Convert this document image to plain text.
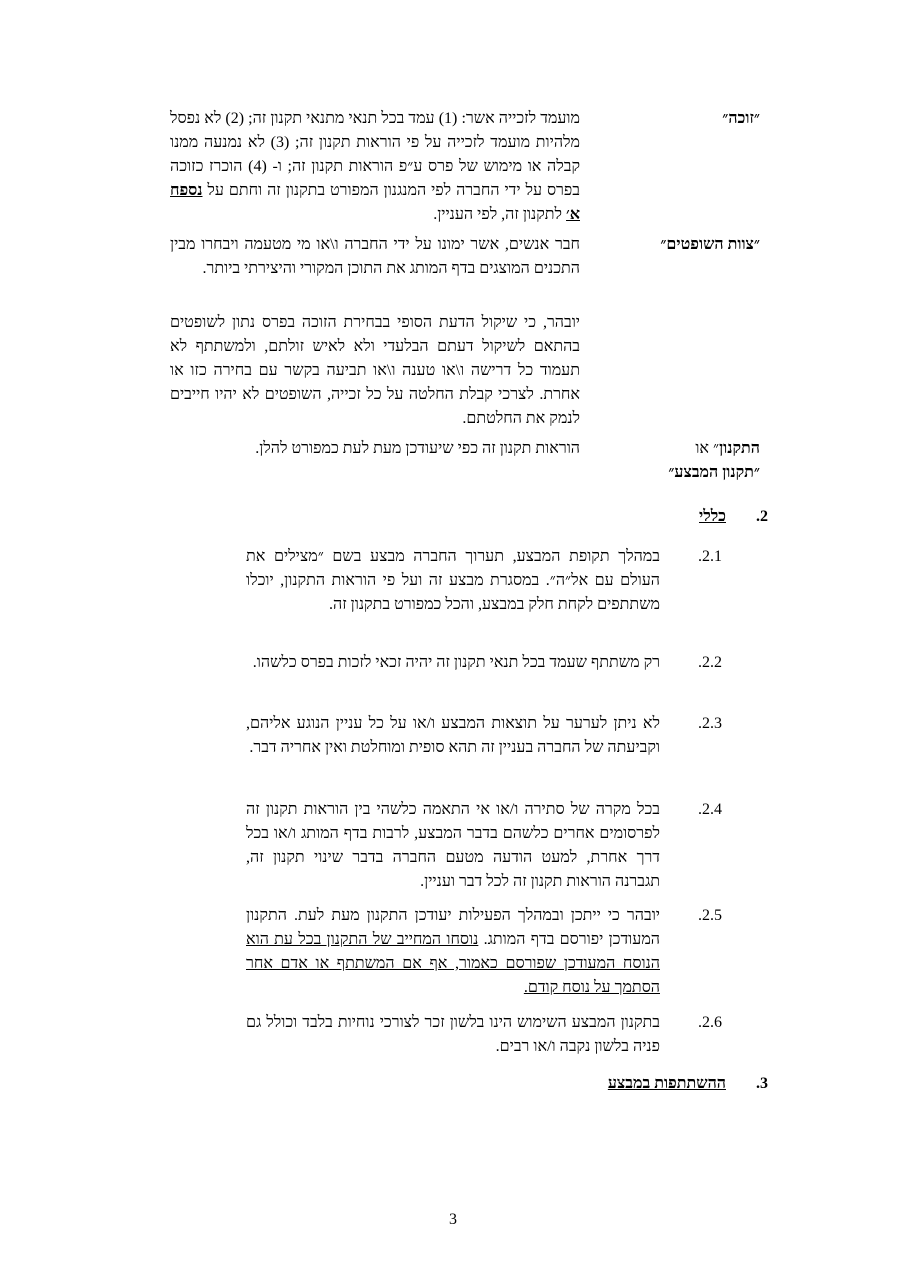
״זוכה״
מועמד לזכייה אשר: (1) עמד בכל תנאי מתנאי תקנון זה; (2) לא נפסל מלהיות מועמד לזכייה על פי הוראות תקנון זה; (3) לא נמנעה ממנו קבלה או מימוש של פרס ע״פ הוראות תקנון זה; ו- (4) הוכרז כזוכה בפרס על ידי החברה לפי המנגנון המפורט בתקנון זה וחתם על נספח א׳ לתקנון זה, לפי העניין.
״צוות השופטים״
חבר אנשים, אשר ימונו על ידי החברה ו\או מי מטעמה ויבחרו מבין התכנים המוצגים בדף המותג את התוכן המקורי והיצירתי ביותר.
יובהר, כי שיקול הדעת הסופי בבחירת הזוכה בפרס נתון לשופטים בהתאם לשיקול דעתם הבלעדי ולא לאיש זולתם, ולמשתתף לא תעמוד כל דרישה ו\או טענה ו\או תביעה בקשר עם בחירה כזו או אחרת. לצרכי קבלת החלטה על כל זכייה, השופטים לא יהיו חייבים לנמק את החלטתם.
התקנון״ או
״תקנון המבצע״
הוראות תקנון זה כפי שיעודכן מעת לעת כמפורט להלן.
2.
כללי
2.1.
במהלך תקופת המבצע, תערוך החברה מבצע בשם ״מצילים את העולם עם אל״ה״. במסגרת מבצע זה ועל פי הוראות התקנון, יוכלו משתתפים לקחת חלק במבצע, והכל כמפורט בתקנון זה.
2.2.
רק משתתף שעמד בכל תנאי תקנון זה יהיה זכאי לזכות בפרס כלשהו.
2.3.
לא ניתן לערער על תוצאות המבצע ו/או על כל עניין הנוגע אליהם, וקביעתה של החברה בעניין זה תהא סופית ומוחלטת ואין אחריה דבר.
2.4.
בכל מקרה של סתירה ו/או אי התאמה כלשהי בין הוראות תקנון זה לפרסומים אחרים כלשהם בדבר המבצע, לרבות בדף המותג ו/או בכל דרך אחרת, למעט הודעה מטעם החברה בדבר שינוי תקנון זה, תגברנה הוראות תקנון זה לכל דבר ועניין.
2.5.
יובהר כי ייתכן ובמהלך הפעילות יעודכן התקנון מעת לעת. התקנון המעודכן יפורסם בדף המותג. נוסחו המחייב של התקנון בכל עת הוא הנוסח המעודכן שפורסם כאמור, אף אם המשתתף או אדם אחר הסתמך על נוסח קודם.
2.6.
בתקנון המבצע השימוש הינו בלשון זכר לצורכי נוחיות בלבד וכולל גם פניה בלשון נקבה ו/או רבים.
3.
ההשתתפות במבצע
3
